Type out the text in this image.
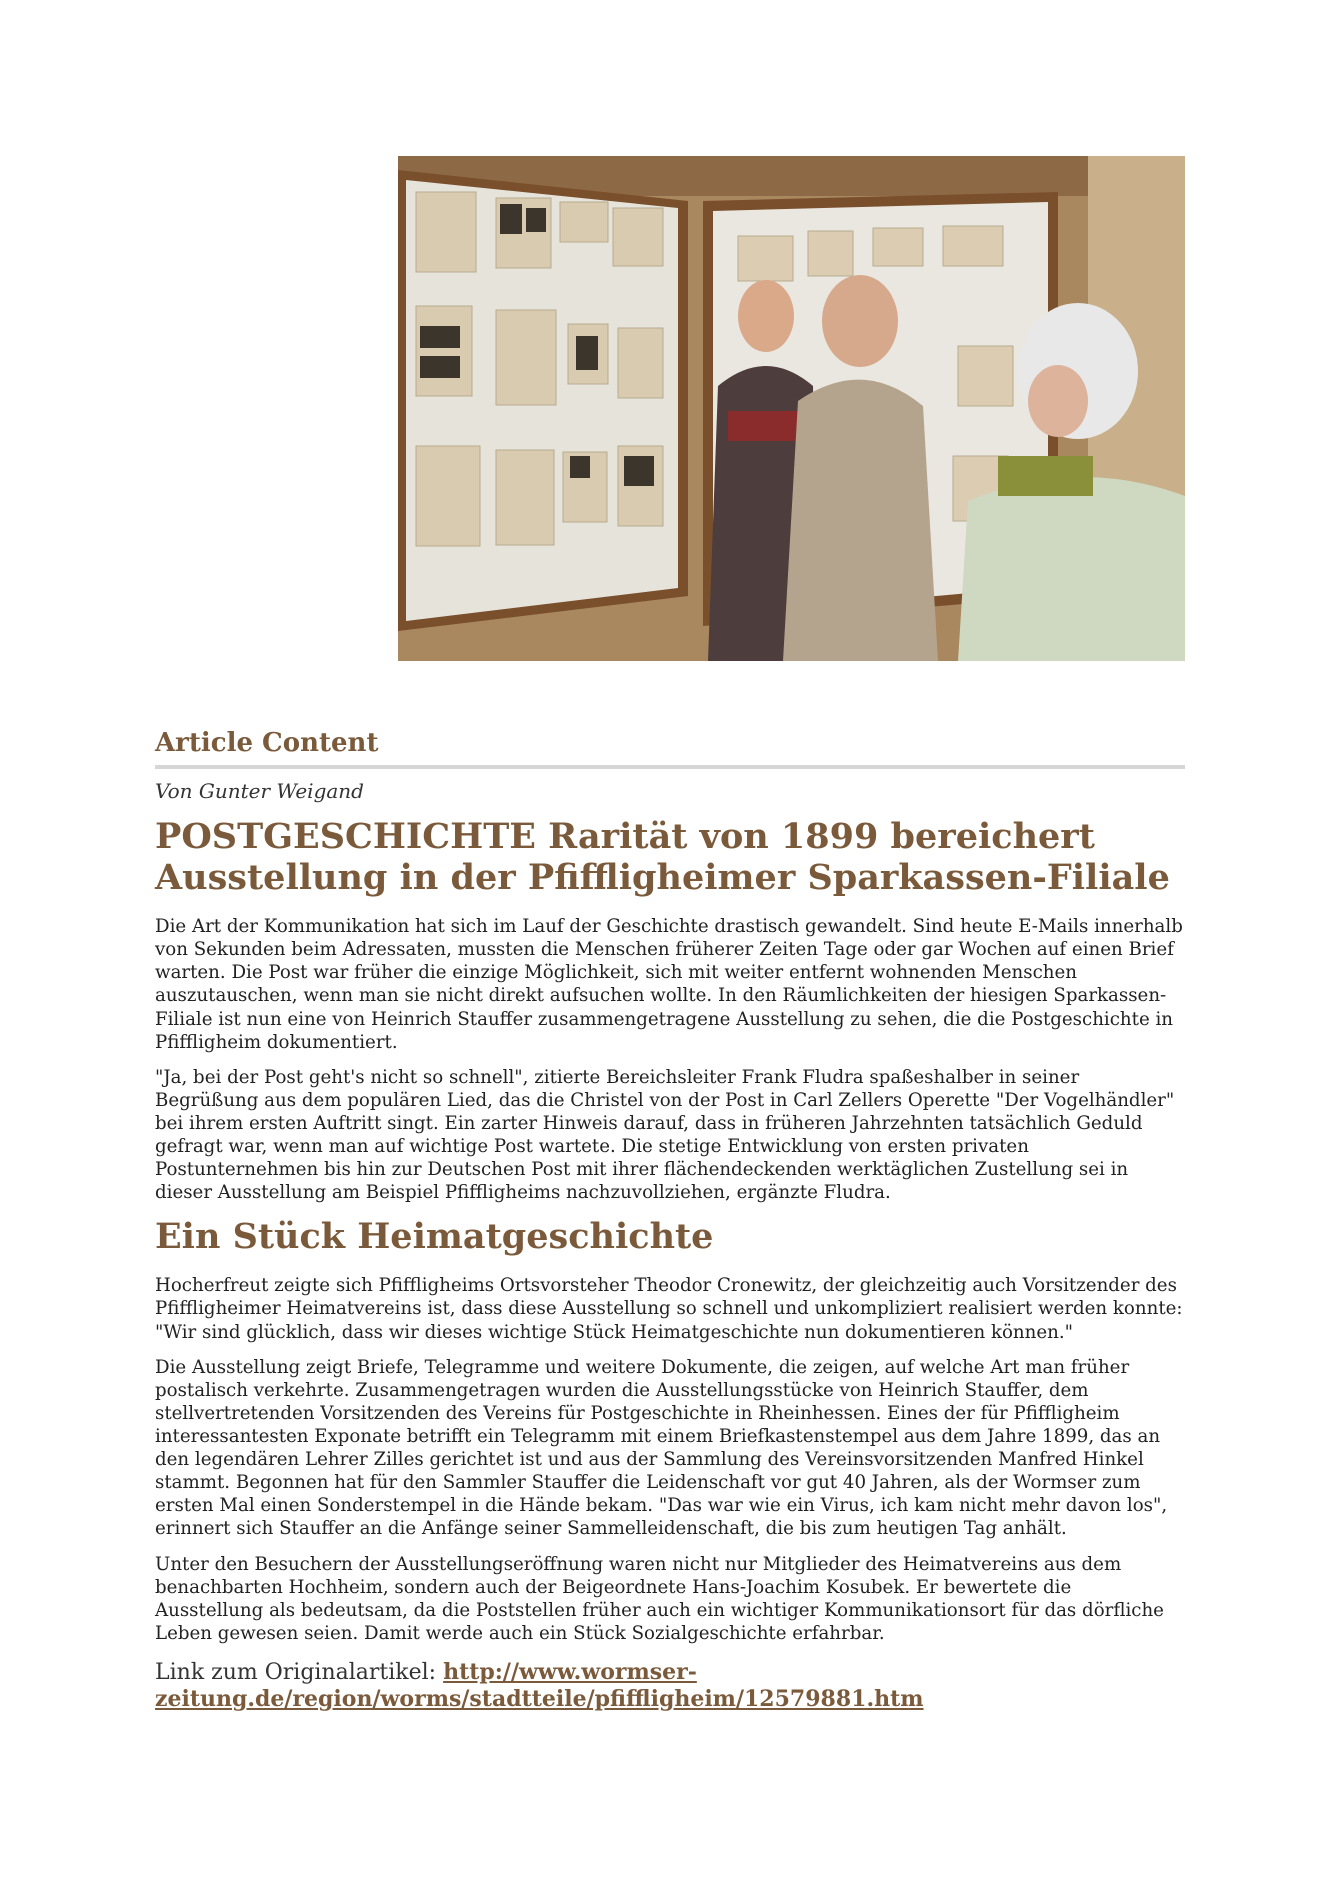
Article Content
Von Gunter Weigand
POSTGESCHICHTE Rarität von 1899 bereichert Ausstellung in der Pfiffligheimer Sparkassen-Filiale

Die Art der Kommunikation hat sich im Lauf der Geschichte drastisch gewandelt. Sind heute E-Mails innerhalb von Sekunden beim Adressaten, mussten die Menschen früherer Zeiten Tage oder gar Wochen auf einen Brief warten. Die Post war früher die einzige Möglichkeit, sich mit weiter entfernt wohnenden Menschen auszutauschen, wenn man sie nicht direkt aufsuchen wollte. In den Räumlichkeiten der hiesigen Sparkassen-Filiale ist nun eine von Heinrich Stauffer zusammengetragene Ausstellung zu sehen, die die Postgeschichte in Pfiffligheim dokumentiert.

"Ja, bei der Post geht's nicht so schnell", zitierte Bereichsleiter Frank Fludra spaßeshalber in seiner Begrüßung aus dem populären Lied, das die Christel von der Post in Carl Zellers Operette "Der Vogelhändler" bei ihrem ersten Auftritt singt. Ein zarter Hinweis darauf, dass in früheren Jahrzehnten tatsächlich Geduld gefragt war, wenn man auf wichtige Post wartete. Die stetige Entwicklung von ersten privaten Postunternehmen bis hin zur Deutschen Post mit ihrer flächendeckenden werktäglichen Zustellung sei in dieser Ausstellung am Beispiel Pfiffligheims nachzuvollziehen, ergänzte Fludra.

Ein Stück Heimatgeschichte

Hocherfreut zeigte sich Pfiffligheims Ortsvorsteher Theodor Cronewitz, der gleichzeitig auch Vorsitzender des Pfiffligheimer Heimatvereins ist, dass diese Ausstellung so schnell und unkompliziert realisiert werden konnte: "Wir sind glücklich, dass wir dieses wichtige Stück Heimatgeschichte nun dokumentieren können."

Die Ausstellung zeigt Briefe, Telegramme und weitere Dokumente, die zeigen, auf welche Art man früher postalisch verkehrte. Zusammengetragen wurden die Ausstellungsstücke von Heinrich Stauffer, dem stellvertretenden Vorsitzenden des Vereins für Postgeschichte in Rheinhessen. Eines der für Pfiffligheim interessantesten Exponate betrifft ein Telegramm mit einem Briefkastenstempel aus dem Jahre 1899, das an den legendären Lehrer Zilles gerichtet ist und aus der Sammlung des Vereinsvorsitzenden Manfred Hinkel stammt. Begonnen hat für den Sammler Stauffer die Leidenschaft vor gut 40 Jahren, als der Wormser zum ersten Mal einen Sonderstempel in die Hände bekam. "Das war wie ein Virus, ich kam nicht mehr davon los", erinnert sich Stauffer an die Anfänge seiner Sammelleidenschaft, die bis zum heutigen Tag anhält.

Unter den Besuchern der Ausstellungseröffnung waren nicht nur Mitglieder des Heimatvereins aus dem benachbarten Hochheim, sondern auch der Beigeordnete Hans-Joachim Kosubek. Er bewertete die Ausstellung als bedeutsam, da die Poststellen früher auch ein wichtiger Kommunikationsort für das dörfliche Leben gewesen seien. Damit werde auch ein Stück Sozialgeschichte erfahrbar.

Link zum Originalartikel: http://www.wormser-zeitung.de/region/worms/stadtteile/pfiffligheim/12579881.htm
